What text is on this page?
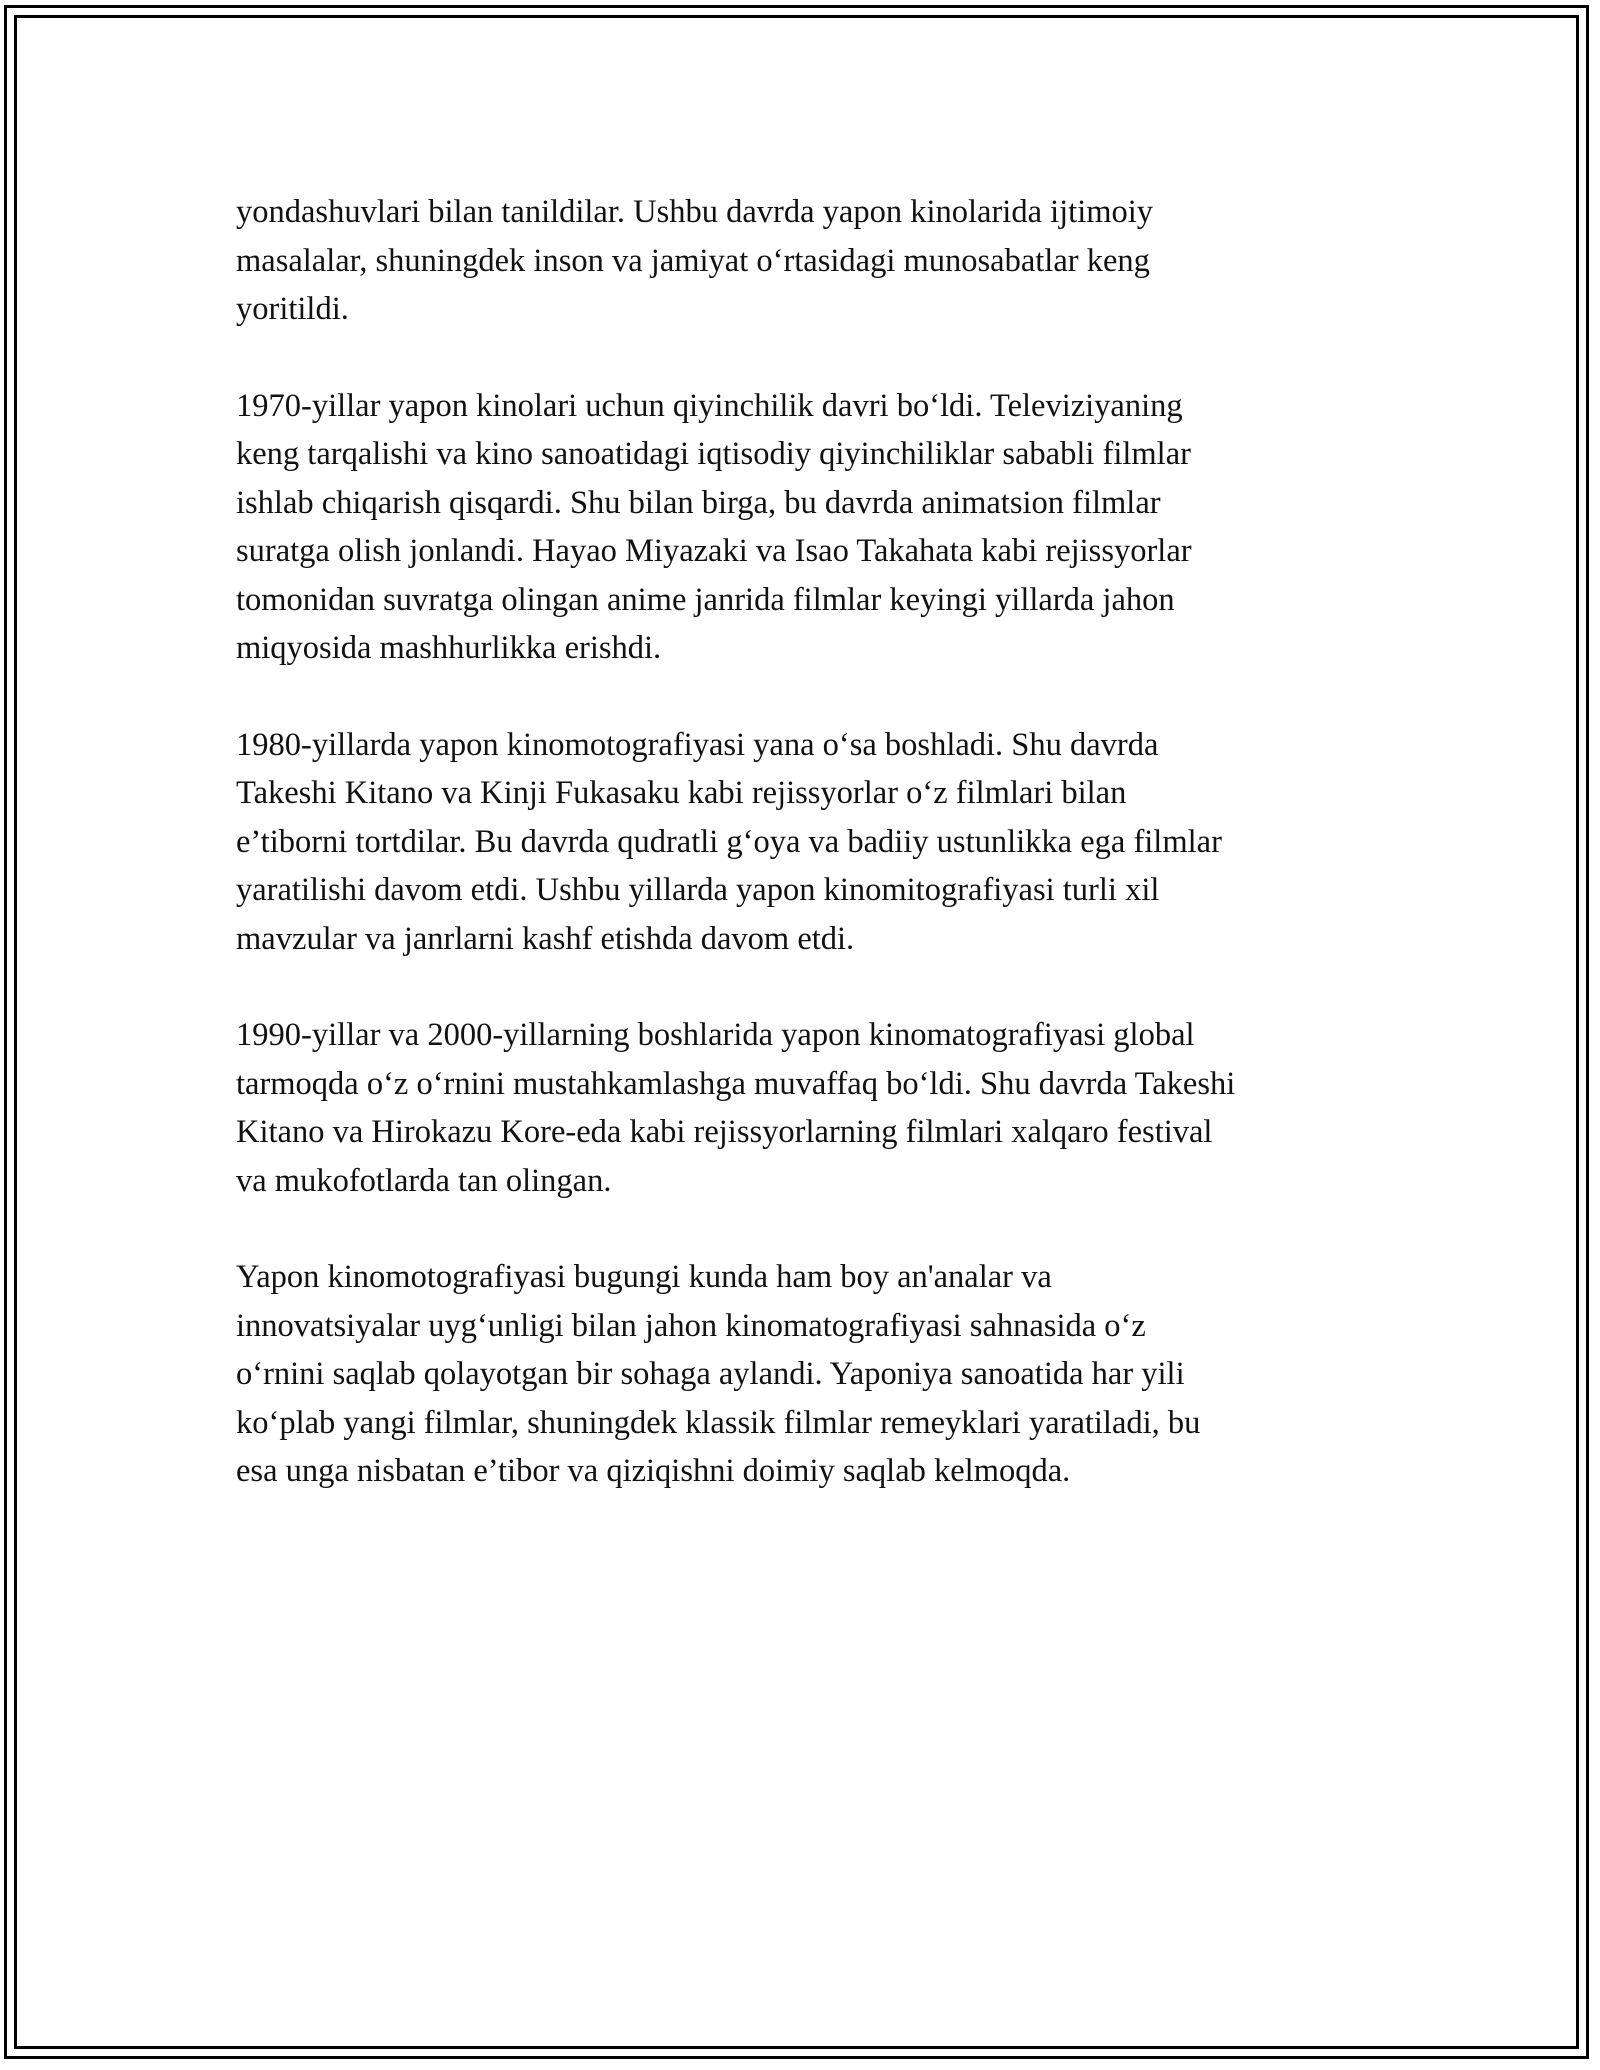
yondashuvlari bilan tanildilar. Ushbu davrda yapon kinolarida ijtimoiy
masalalar, shuningdek inson va jamiyat o‘rtasidagi munosabatlar keng
yoritildi.

1970-yillar yapon kinolari uchun qiyinchilik davri bo‘ldi. Televiziyaning
keng tarqalishi va kino sanoatidagi iqtisodiy qiyinchiliklar sababli filmlar
ishlab chiqarish qisqardi. Shu bilan birga, bu davrda animatsion filmlar
suratga olish jonlandi. Hayao Miyazaki va Isao Takahata kabi rejissyorlar
tomonidan suvratga olingan anime janrida filmlar keyingi yillarda jahon
miqyosida mashhurlikka erishdi.

1980-yillarda yapon kinomotografiyasi yana o‘sa boshladi. Shu davrda
Takeshi Kitano va Kinji Fukasaku kabi rejissyorlar o‘z filmlari bilan
e’tiborni tortdilar. Bu davrda qudratli g‘oya va badiiy ustunlikka ega filmlar
yaratilishi davom etdi. Ushbu yillarda yapon kinomitografiyasi turli xil
mavzular va janrlarni kashf etishda davom etdi.

1990-yillar va 2000-yillarning boshlarida yapon kinomatografiyasi global
tarmoqda o‘z o‘rnini mustahkamlashga muvaffaq bo‘ldi. Shu davrda Takeshi
Kitano va Hirokazu Kore-eda kabi rejissyorlarning filmlari xalqaro festival
va mukofotlarda tan olingan.

Yapon kinomotografiyasi bugungi kunda ham boy an'analar va
innovatsiyalar uyg‘unligi bilan jahon kinomatografiyasi sahnasida o‘z
o‘rnini saqlab qolayotgan bir sohaga aylandi. Yaponiya sanoatida har yili
ko‘plab yangi filmlar, shuningdek klassik filmlar remeyklari yaratiladi, bu
esa unga nisbatan e’tibor va qiziqishni doimiy saqlab kelmoqda.
